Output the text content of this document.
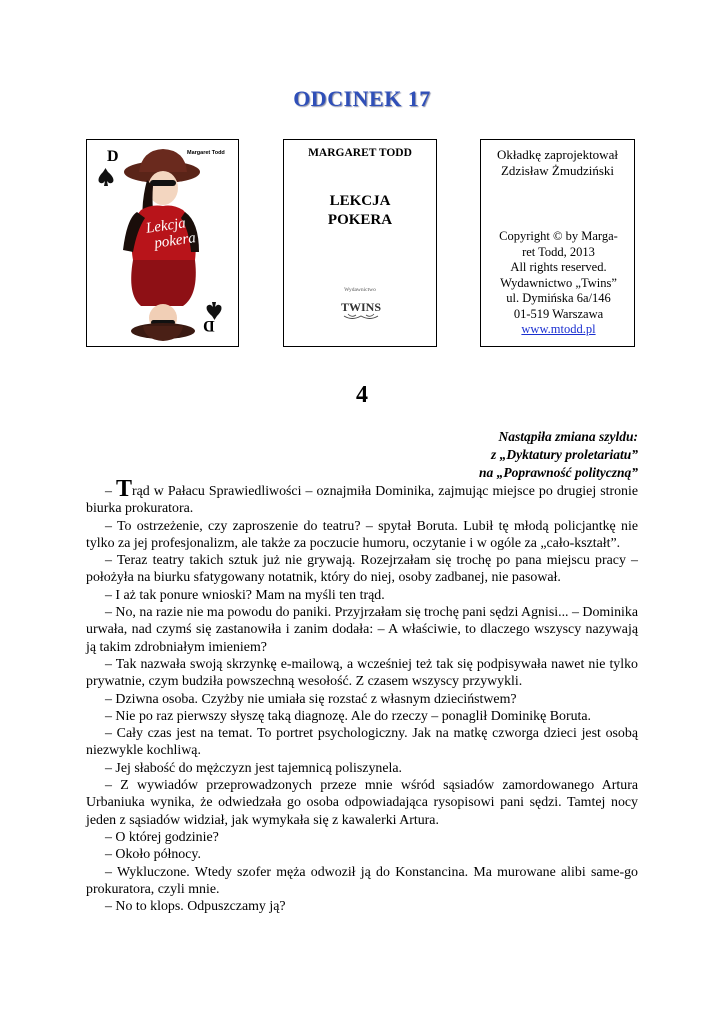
ODCINEK 17
D
D
Margaret Todd
Lekcja
pokera
MARGARET TODD
LEKCJA
POKERA
Wydawnictwo
TWINS
Okładkę zaprojektował
Zdzisław Żmudziński
Copyright © by Marga-
ret Todd, 2013
All rights reserved.
Wydawnictwo „Twins”
ul. Dymińska 6a/146
01-519 Warszawa
www.mtodd.pl
4
Nastąpiła zmiana szyldu:
z „Dyktatury proletariatu”
na „Poprawność polityczną”

– Trąd w Pałacu Sprawiedliwości – oznajmiła Dominika, zajmując miejsce po drugiej stronie biurka prokuratora.

– To ostrzeżenie, czy zaproszenie do teatru? – spytał Boruta. Lubił tę młodą policjantkę nie tylko za jej profesjonalizm, ale także za poczucie humoru, oczytanie i w ogóle za „cało-kształt”.

– Teraz teatry takich sztuk już nie grywają. Rozejrzałam się trochę po pana miejscu pracy – położyła na biurku sfatygowany notatnik, który do niej, osoby zadbanej, nie pasował.

– I aż tak ponure wnioski? Mam na myśli ten trąd.

– No, na razie nie ma powodu do paniki. Przyjrzałam się trochę pani sędzi Agnisi... – Dominika urwała, nad czymś się zastanowiła i zanim dodała: – A właściwie, to dlaczego wszyscy nazywają ją takim zdrobniałym imieniem?

– Tak nazwała swoją skrzynkę e-mailową, a wcześniej też tak się podpisywała nawet nie tylko prywatnie, czym budziła powszechną wesołość. Z czasem wszyscy przywykli.

– Dziwna osoba. Czyżby nie umiała się rozstać z własnym dzieciństwem?

– Nie po raz pierwszy słyszę taką diagnozę. Ale do rzeczy – ponaglił Dominikę Boruta.

– Cały czas jest na temat. To portret psychologiczny. Jak na matkę czworga dzieci jest osobą niezwykle kochliwą.

– Jej słabość do mężczyzn jest tajemnicą poliszynela.

– Z wywiadów przeprowadzonych przeze mnie wśród sąsiadów zamordowanego Artura Urbaniuka wynika, że odwiedzała go osoba odpowiadająca rysopisowi pani sędzi. Tamtej nocy jeden z sąsiadów widział, jak wymykała się z kawalerki Artura.

– O której godzinie?

– Około północy.

– Wykluczone. Wtedy szofer męża odwoził ją do Konstancina. Ma murowane alibi same-go prokuratora, czyli mnie.

– No to klops. Odpuszczamy ją?
